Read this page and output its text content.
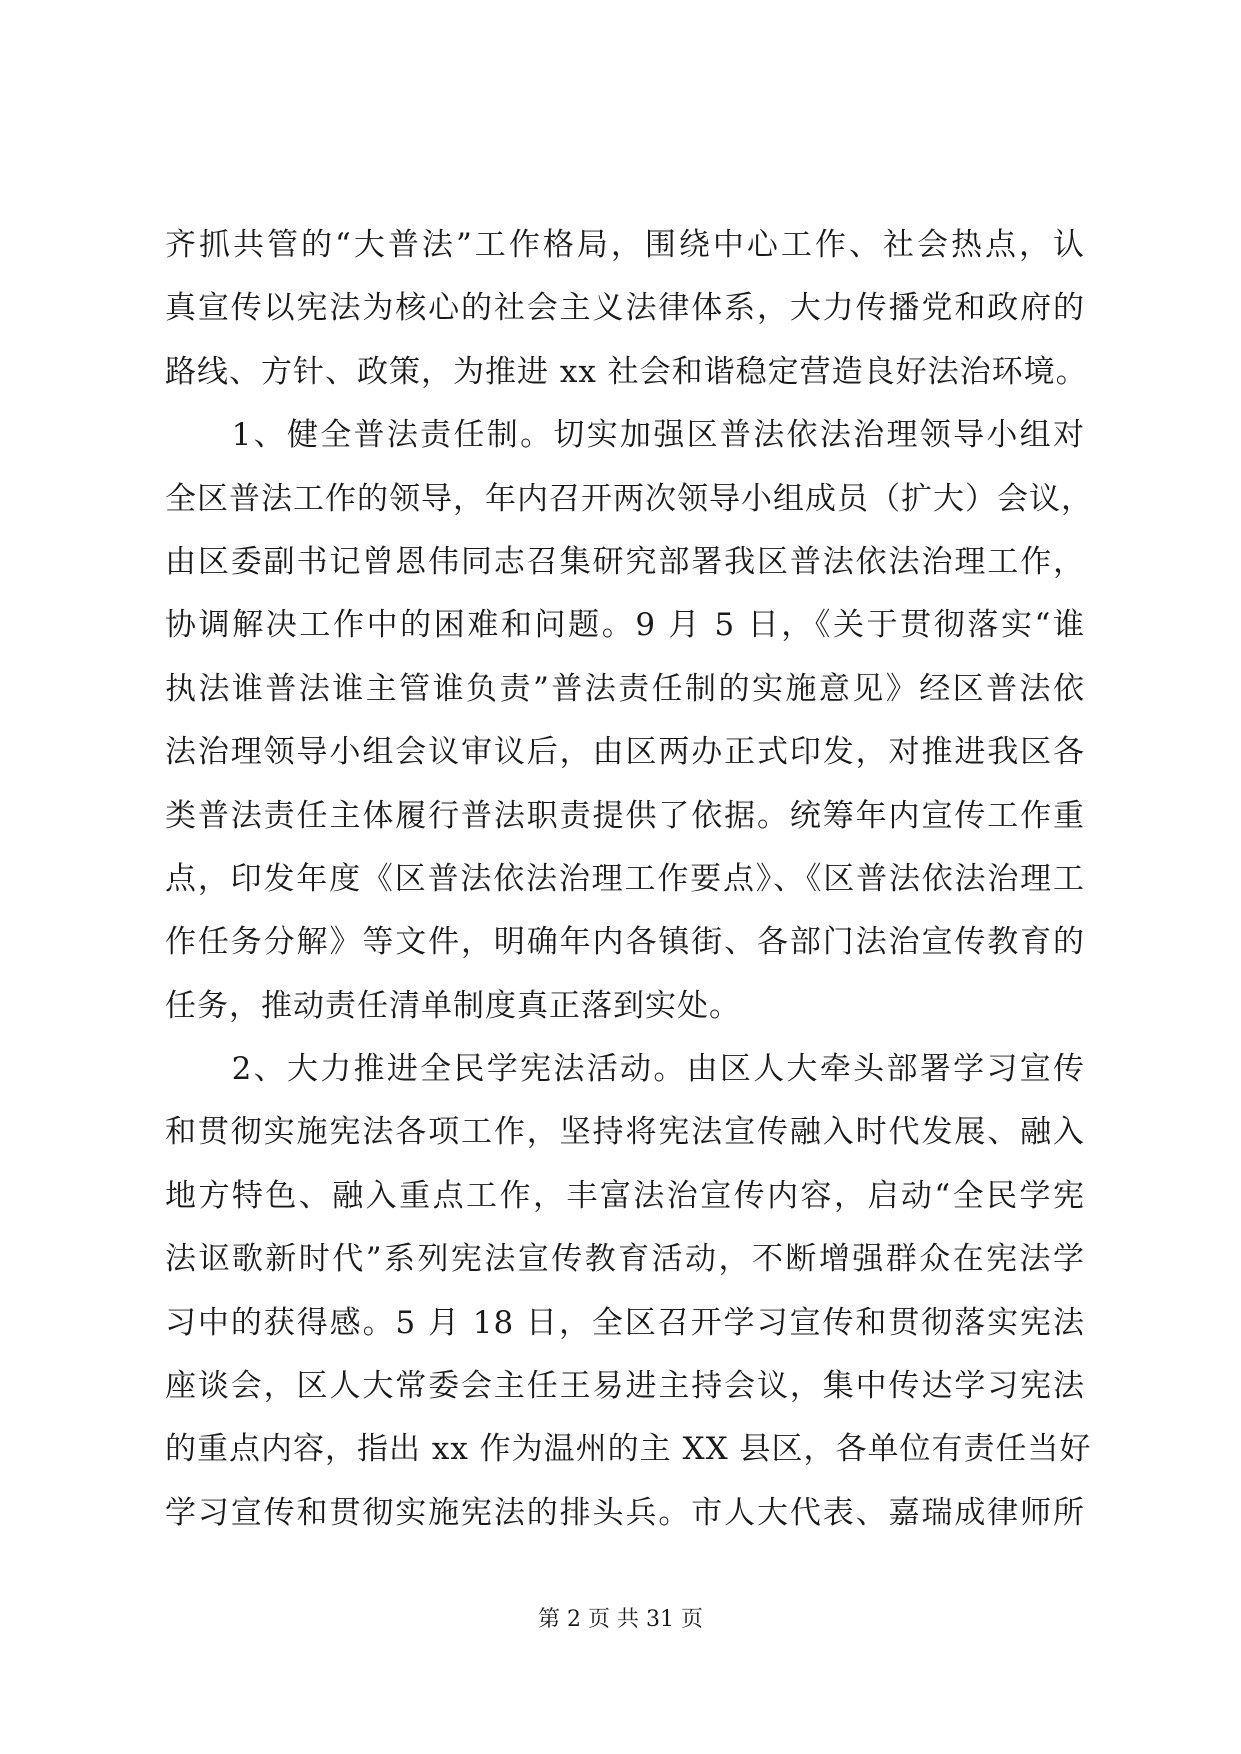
齐抓共管的“大普法”工作格局，围绕中心工作、社会热点，认
真宣传以宪法为核心的社会主义法律体系，大力传播党和政府的
路线、方针、政策，为推进 xx 社会和谐稳定营造良好法治环境。
　　1、健全普法责任制。切实加强区普法依法治理领导小组对
全区普法工作的领导，年内召开两次领导小组成员（扩大）会议，
由区委副书记曾恩伟同志召集研究部署我区普法依法治理工作，
协调解决工作中的困难和问题。9 月 5 日，《关于贯彻落实“谁
执法谁普法谁主管谁负责”普法责任制的实施意见》经区普法依
法治理领导小组会议审议后，由区两办正式印发，对推进我区各
类普法责任主体履行普法职责提供了依据。统筹年内宣传工作重
点，印发年度《区普法依法治理工作要点》、《区普法依法治理工
作任务分解》等文件，明确年内各镇街、各部门法治宣传教育的
任务，推动责任清单制度真正落到实处。
　　2、大力推进全民学宪法活动。由区人大牵头部署学习宣传
和贯彻实施宪法各项工作，坚持将宪法宣传融入时代发展、融入
地方特色、融入重点工作，丰富法治宣传内容，启动“全民学宪
法讴歌新时代”系列宪法宣传教育活动，不断增强群众在宪法学
习中的获得感。5 月 18 日，全区召开学习宣传和贯彻落实宪法
座谈会，区人大常委会主任王易进主持会议，集中传达学习宪法
的重点内容，指出 xx 作为温州的主 XX 县区，各单位有责任当好
学习宣传和贯彻实施宪法的排头兵。市人大代表、嘉瑞成律师所
第 2 页 共 31 页
